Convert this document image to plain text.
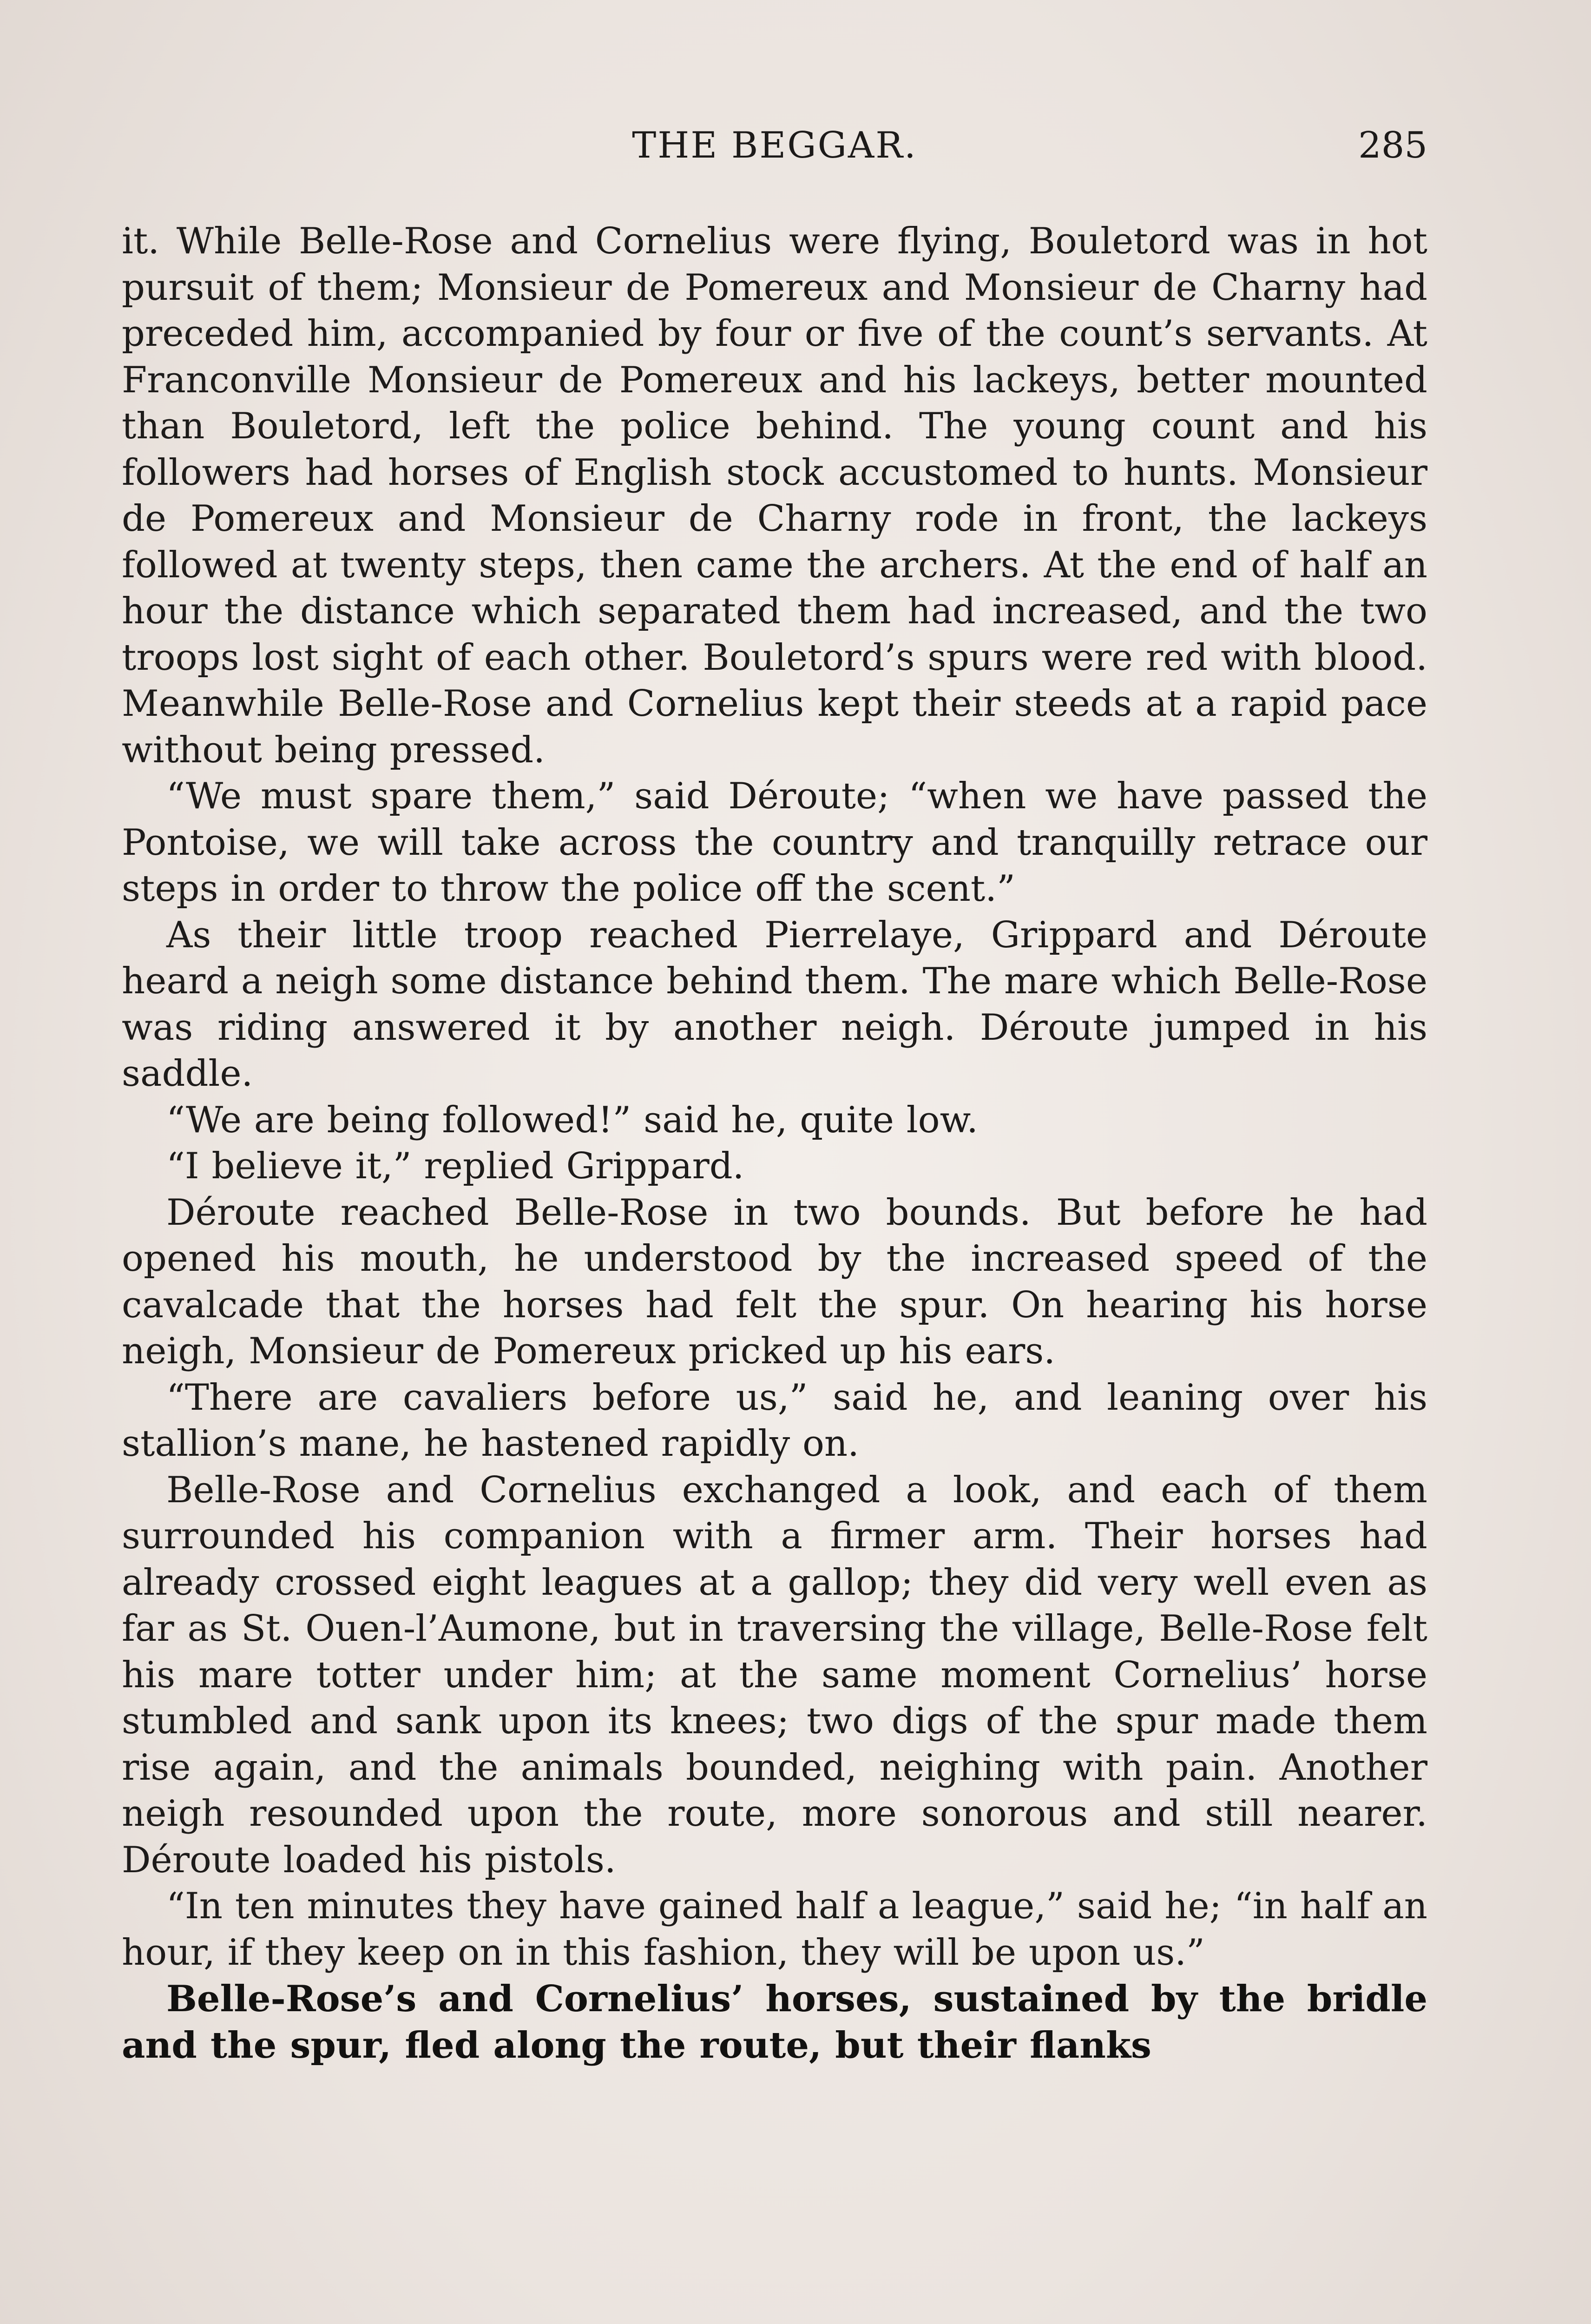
THE BEGGAR.	285

it. While Belle-Rose and Cornelius were flying, Bouletord was in hot pursuit of them; Monsieur de Pomereux and Monsieur de Charny had preceded him, accompanied by four or five of the count’s servants. At Franconville Monsieur de Pomereux and his lackeys, better mounted than Bouletord, left the police behind. The young count and his followers had horses of English stock accustomed to hunts. Monsieur de Pomereux and Monsieur de Charny rode in front, the lackeys followed at twenty steps, then came the archers. At the end of half an hour the distance which separated them had increased, and the two troops lost sight of each other. Bouletord’s spurs were red with blood. Meanwhile Belle-Rose and Cornelius kept their steeds at a rapid pace without being pressed.

“We must spare them,” said Déroute; “when we have passed the Pontoise, we will take across the country and tranquilly retrace our steps in order to throw the police off the scent.”

As their little troop reached Pierrelaye, Grippard and Déroute heard a neigh some distance behind them. The mare which Belle-Rose was riding answered it by another neigh. Déroute jumped in his saddle.

“We are being followed!” said he, quite low.

“I believe it,” replied Grippard.

Déroute reached Belle-Rose in two bounds. But before he had opened his mouth, he understood by the increased speed of the cavalcade that the horses had felt the spur. On hearing his horse neigh, Monsieur de Pomereux pricked up his ears.

“There are cavaliers before us,” said he, and leaning over his stallion’s mane, he hastened rapidly on.

Belle-Rose and Cornelius exchanged a look, and each of them surrounded his companion with a firmer arm. Their horses had already crossed eight leagues at a gallop; they did very well even as far as St. Ouen-l’Aumone, but in traversing the village, Belle-Rose felt his mare totter under him; at the same moment Cornelius’ horse stumbled and sank upon its knees; two digs of the spur made them rise again, and the animals bounded, neighing with pain. Another neigh resounded upon the route, more sonorous and still nearer. Déroute loaded his pistols.

“In ten minutes they have gained half a league,” said he; “in half an hour, if they keep on in this fashion, they will be upon us.”

Belle-Rose’s and Cornelius’ horses, sustained by the bridle and the spur, fled along the route, but their flanks
